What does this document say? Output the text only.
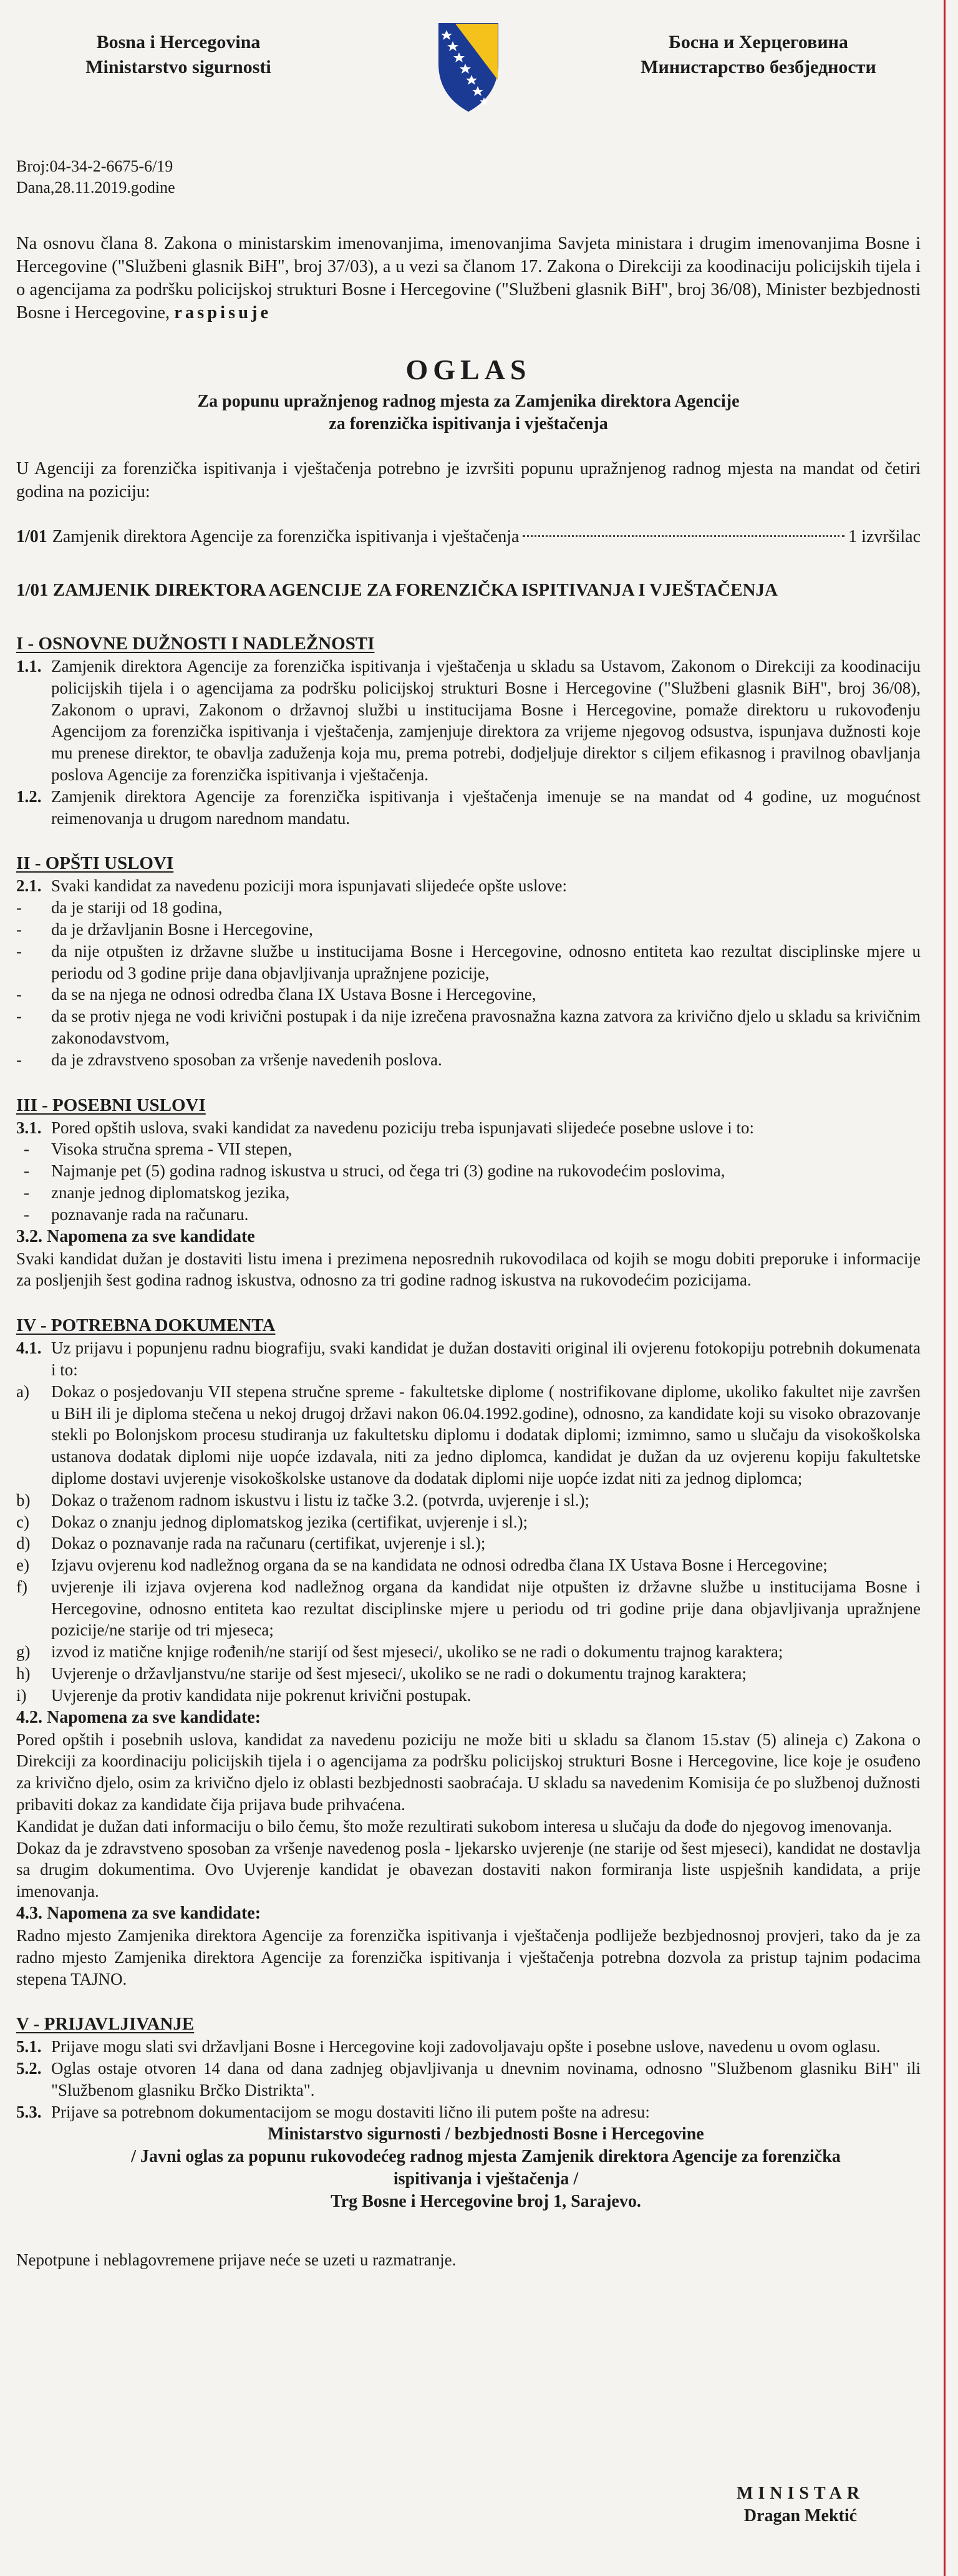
Bosna i Hercegovina
Ministarstvo sigurnosti
Босна и Херцеговина
Министарство безбједности
Broj:04-34-2-6675-6/19
Dana,28.11.2019.godine

Na osnovu člana 8. Zakona o ministarskim imenovanjima, imenovanjima Savjeta ministara i drugim imenovanjima Bosne i Hercegovine ("Službeni glasnik BiH", broj 37/03), a u vezi sa članom 17. Zakona o Direkciji za koodinaciju policijskih tijela i o agencijama za podršku policijskoj strukturi Bosne i Hercegovine ("Službeni glasnik BiH", broj 36/08), Minister bezbjednosti Bosne i Hercegovine, raspisuje

OGLAS
Za popunu upražnjenog radnog mjesta za Zamjenika direktora Agencije
za forenzička ispitivanja i vještačenja

U Agenciji za forenzička ispitivanja i vještačenja potrebno je izvršiti popunu upražnjenog radnog mjesta na mandat od četiri godina na poziciju:

1/01 Zamjenik direktora Agencije za forenzička ispitivanja i vještačenja	1 izvršilac
1/01 ZAMJENIK DIREKTORA AGENCIJE ZA FORENZIČKA ISPITIVANJA I VJEŠTAČENJA
I - OSNOVNE DUŽNOSTI I NADLEŽNOSTI
1.1. Zamjenik direktora Agencije za forenzička ispitivanja i vještačenja u skladu sa Ustavom, Zakonom o Direkciji za koodinaciju policijskih tijela i o agencijama za podršku policijskoj strukturi Bosne i Hercegovine ("Službeni glasnik BiH", broj 36/08), Zakonom o upravi, Zakonom o državnoj službi u institucijama Bosne i Hercegovine, pomaže direktoru u rukovođenju Agencijom za forenzička ispitivanja i vještačenja, zamjenjuje direktora za vrijeme njegovog odsustva, ispunjava dužnosti koje mu prenese direktor, te obavlja zaduženja koja mu, prema potrebi, dodjeljuje direktor s ciljem efikasnog i pravilnog obavljanja poslova Agencije za forenzička ispitivanja i vještačenja.
1.2. Zamjenik direktora Agencije za forenzička ispitivanja i vještačenja imenuje se na mandat od 4 godine, uz mogućnost reimenovanja u drugom narednom mandatu.
II - OPŠTI USLOVI
2.1. Svaki kandidat za navedenu poziciji mora ispunjavati slijedeće opšte uslove:
-	da je stariji od 18 godina,
-	da je državljanin Bosne i Hercegovine,
-	da nije otpušten iz državne službe u institucijama Bosne i Hercegovine, odnosno entiteta kao rezultat disciplinske mjere u periodu od 3 godine prije dana objavljivanja upražnjene pozicije,
-	da se na njega ne odnosi odredba člana IX Ustava Bosne i Hercegovine,
-	da se protiv njega ne vodi krivični postupak i da nije izrečena pravosnažna kazna zatvora za krivično djelo u skladu sa krivičnim zakonodavstvom,
-	da je zdravstveno sposoban za vršenje navedenih poslova.
III - POSEBNI USLOVI
3.1. Pored opštih uslova, svaki kandidat za navedenu poziciju treba ispunjavati slijedeće posebne uslove i to:
-	Visoka stručna sprema - VII stepen,
-	Najmanje pet (5) godina radnog iskustva u struci, od čega tri (3) godine na rukovodećim poslovima,
-	znanje jednog diplomatskog jezika,
-	poznavanje rada na računaru.
3.2. Napomena za sve kandidate

Svaki kandidat dužan je dostaviti listu imena i prezimena neposrednih rukovodilaca od kojih se mogu dobiti preporuke i informacije za posljenjih šest godina radnog iskustva, odnosno za tri godine radnog iskustva na rukovodećim pozicijama.

IV - POTREBNA DOKUMENTA
4.1. Uz prijavu i popunjenu radnu biografiju, svaki kandidat je dužan dostaviti original ili ovjerenu fotokopiju potrebnih dokumenata i to:
a)	Dokaz o posjedovanju VII stepena stručne spreme - fakultetske diplome ( nostrifikovane diplome, ukoliko fakultet nije završen u BiH ili je diploma stečena u nekoj drugoj državi nakon 06.04.1992.godine), odnosno, za kandidate koji su visoko obrazovanje stekli po Bolonjskom procesu studiranja uz fakultetsku diplomu i dodatak diplomi; izmimno, samo u slučaju da visokoškolska ustanova dodatak diplomi nije uopće izdavala, niti za jedno diplomca, kandidat je dužan da uz ovjerenu kopiju fakultetske diplome dostavi uvjerenje visokoškolske ustanove da dodatak diplomi nije uopće izdat niti za jednog diplomca;
b)	Dokaz o traženom radnom iskustvu i listu iz tačke 3.2. (potvrda, uvjerenje i sl.);
c)	Dokaz o znanju jednog diplomatskog jezika (certifikat, uvjerenje i sl.);
d)	Dokaz o poznavanje rada na računaru (certifikat, uvjerenje i sl.);
e)	Izjavu ovjerenu kod nadležnog organa da se na kandidata ne odnosi odredba člana IX Ustava Bosne i Hercegovine;
f)	uvjerenje ili izjava ovjerena kod nadležnog organa da kandidat nije otpušten iz državne službe u institucijama Bosne i Hercegovine, odnosno entiteta kao rezultat disciplinske mjere u periodu od tri godine prije dana objavljivanja upražnjene pozicije/ne starije od tri mjeseca;
g)	izvod iz matične knjige rođenih/ne starijí od šest mjeseci/, ukoliko se ne radi o dokumentu trajnog karaktera;
h)	Uvjerenje o državljanstvu/ne starije od šest mjeseci/, ukoliko se ne radi o dokumentu trajnog karaktera;
i)	Uvjerenje da protiv kandidata nije pokrenut krivični postupak.
4.2. Napomena za sve kandidate:

Pored opštih i posebnih uslova, kandidat za navedenu poziciju ne može biti u skladu sa članom 15.stav (5) alineja c) Zakona o Direkciji za koordinaciju policijskih tijela i o agencijama za podršku policijskoj strukturi Bosne i Hercegovine, lice koje je osuđeno za krivično djelo, osim za krivično djelo iz oblasti bezbjednosti saobraćaja. U skladu sa navedenim Komisija će po službenoj dužnosti pribaviti dokaz za kandidate čija prijava bude prihvaćena.

Kandidat je dužan dati informaciju o bilo čemu, što može rezultirati sukobom interesa u slučaju da dođe do njegovog imenovanja.

Dokaz da je zdravstveno sposoban za vršenje navedenog posla - ljekarsko uvjerenje (ne starije od šest mjeseci), kandidat ne dostavlja sa drugim dokumentima. Ovo Uvjerenje kandidat je obavezan dostaviti nakon formiranja liste uspješnih kandidata, a prije imenovanja.

4.3. Napomena za sve kandidate:

Radno mjesto Zamjenika direktora Agencije za forenzička ispitivanja i vještačenja podliježe bezbjednosnoj provjeri, tako da je za radno mjesto Zamjenika direktora Agencije za forenzička ispitivanja i vještačenja potrebna dozvola za pristup tajnim podacima stepena TAJNO.

V - PRIJAVLJIVANJE
5.1. Prijave mogu slati svi državljani Bosne i Hercegovine koji zadovoljavaju opšte i posebne uslove, navedenu u ovom oglasu.
5.2. Oglas ostaje otvoren 14 dana od dana zadnjeg objavljivanja u dnevnim novinama, odnosno "Službenom glasniku BiH" ili "Službenom glasniku Brčko Distrikta".
5.3. Prijave sa potrebnom dokumentacijom se mogu dostaviti lično ili putem pošte na adresu:
Ministarstvo sigurnosti / bezbjednosti Bosne i Hercegovine
/ Javni oglas za popunu rukovodećeg radnog mjesta Zamjenik direktora Agencije za forenzička
ispitivanja i vještačenja /
Trg Bosne i Hercegovine broj 1, Sarajevo.

Nepotpune i neblagovremene prijave neće se uzeti u razmatranje.

MINISTAR
Dragan Mektić
